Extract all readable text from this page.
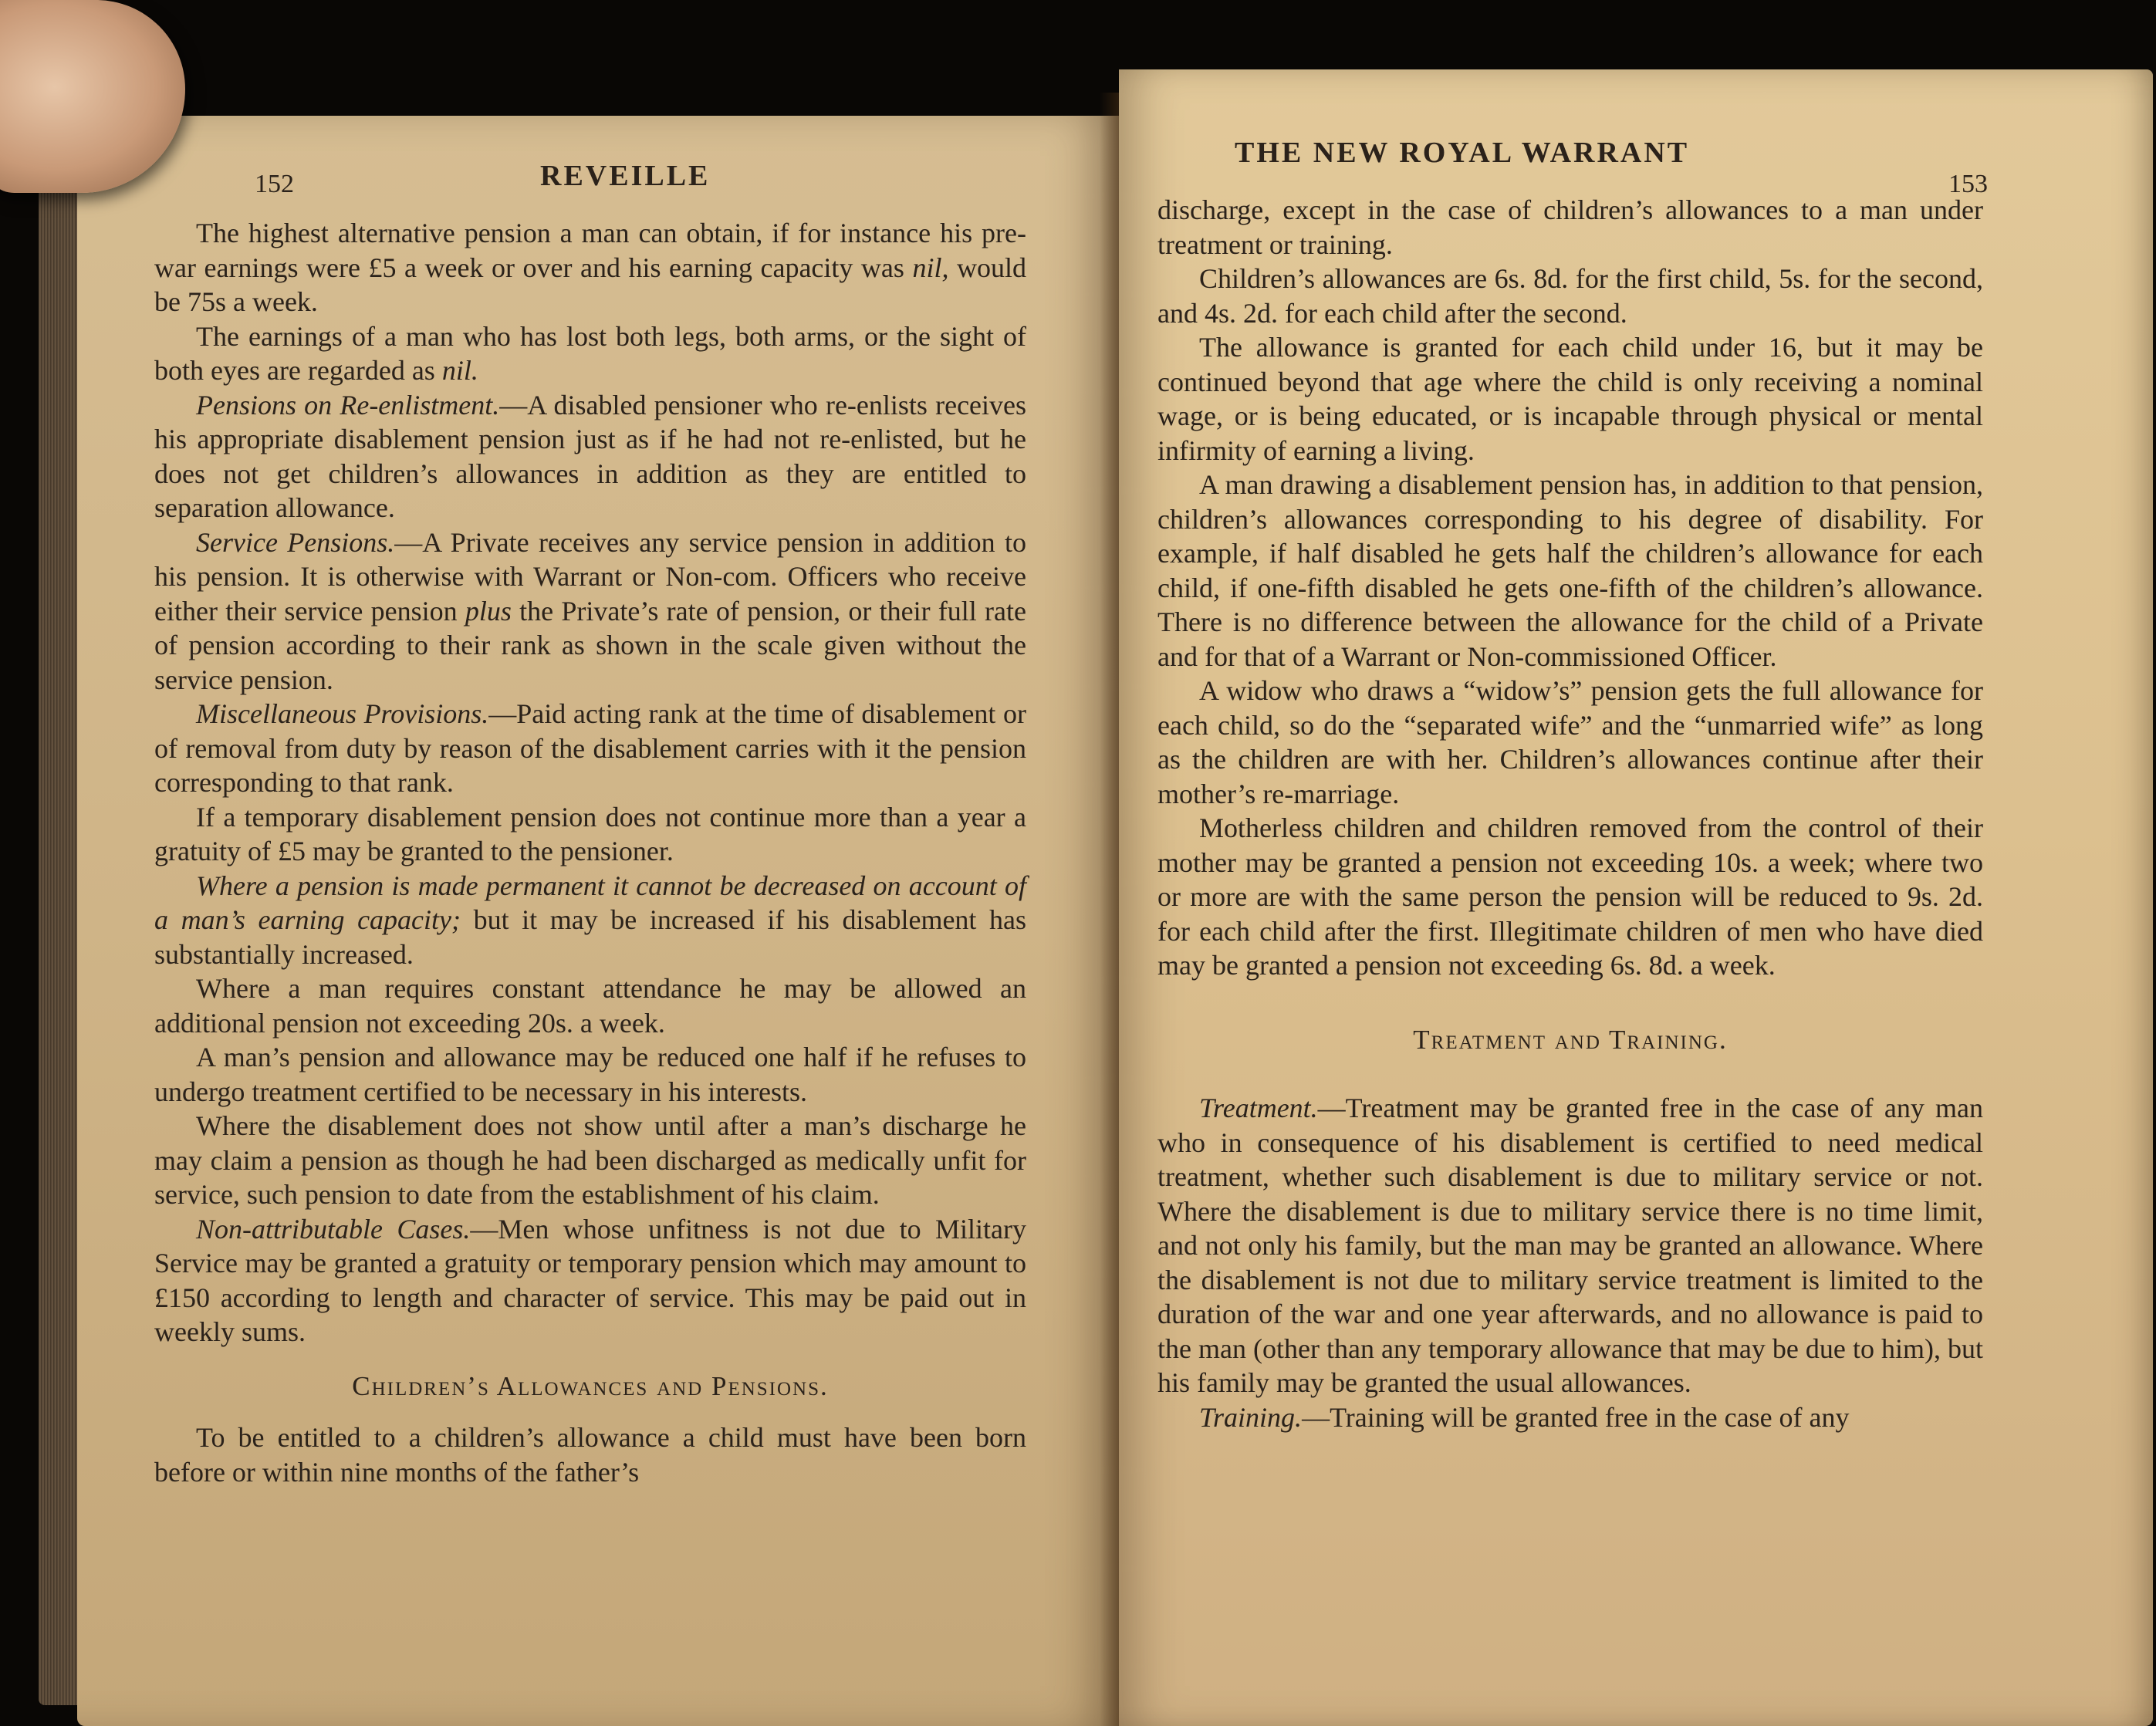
152	REVEILLE

The highest alternative pension a man can obtain, if for instance his pre-war earnings were £5 a week or over and his earning capacity was nil, would be 75s a week.

The earnings of a man who has lost both legs, both arms, or the sight of both eyes are regarded as nil.

Pensions on Re-enlistment.—A disabled pensioner who re-enlists receives his appropriate disablement pension just as if he had not re-enlisted, but he does not get children’s allowances in addition as they are entitled to separation allowance.

Service Pensions.—A Private receives any service pension in addition to his pension. It is otherwise with Warrant or Non-com. Officers who receive either their service pension plus the Private’s rate of pension, or their full rate of pension according to their rank as shown in the scale given without the service pension.

Miscellaneous Provisions.—Paid acting rank at the time of disablement or of removal from duty by reason of the disablement carries with it the pension corresponding to that rank.

If a temporary disablement pension does not continue more than a year a gratuity of £5 may be granted to the pensioner.

Where a pension is made permanent it cannot be decreased on account of a man’s earning capacity; but it may be increased if his disablement has substantially increased.

Where a man requires constant attendance he may be allowed an additional pension not exceeding 20s. a week.

A man’s pension and allowance may be reduced one half if he refuses to undergo treatment certified to be necessary in his interests.

Where the disablement does not show until after a man’s discharge he may claim a pension as though he had been discharged as medically unfit for service, such pension to date from the establishment of his claim.

Non-attributable Cases.—Men whose unfitness is not due to Military Service may be granted a gratuity or temporary pension which may amount to £150 according to length and character of service. This may be paid out in weekly sums.

Children’s Allowances and Pensions.

To be entitled to a children’s allowance a child must have been born before or within nine months of the father’s

THE NEW ROYAL WARRANT
153

discharge, except in the case of children’s allowances to a man under treatment or training.

Children’s allowances are 6s. 8d. for the first child, 5s. for the second, and 4s. 2d. for each child after the second.

The allowance is granted for each child under 16, but it may be continued beyond that age where the child is only receiving a nominal wage, or is being educated, or is incapable through physical or mental infirmity of earning a living.

A man drawing a disablement pension has, in addition to that pension, children’s allowances corresponding to his degree of disability. For example, if half disabled he gets half the children’s allowance for each child, if one-fifth disabled he gets one-fifth of the children’s allowance. There is no difference between the allowance for the child of a Private and for that of a Warrant or Non-commissioned Officer.

A widow who draws a “widow’s” pension gets the full allowance for each child, so do the “separated wife” and the “unmarried wife” as long as the children are with her. Children’s allowances continue after their mother’s re-marriage.

Motherless children and children removed from the control of their mother may be granted a pension not exceeding 10s. a week; where two or more are with the same person the pension will be reduced to 9s. 2d. for each child after the first. Illegitimate children of men who have died may be granted a pension not exceeding 6s. 8d. a week.

Treatment and Training.

Treatment.—Treatment may be granted free in the case of any man who in consequence of his disablement is certified to need medical treatment, whether such disablement is due to military service or not. Where the disablement is due to military service there is no time limit, and not only his family, but the man may be granted an allowance. Where the disablement is not due to military service treatment is limited to the duration of the war and one year afterwards, and no allowance is paid to the man (other than any temporary allowance that may be due to him), but his family may be granted the usual allowances.

Training.—Training will be granted free in the case of any
